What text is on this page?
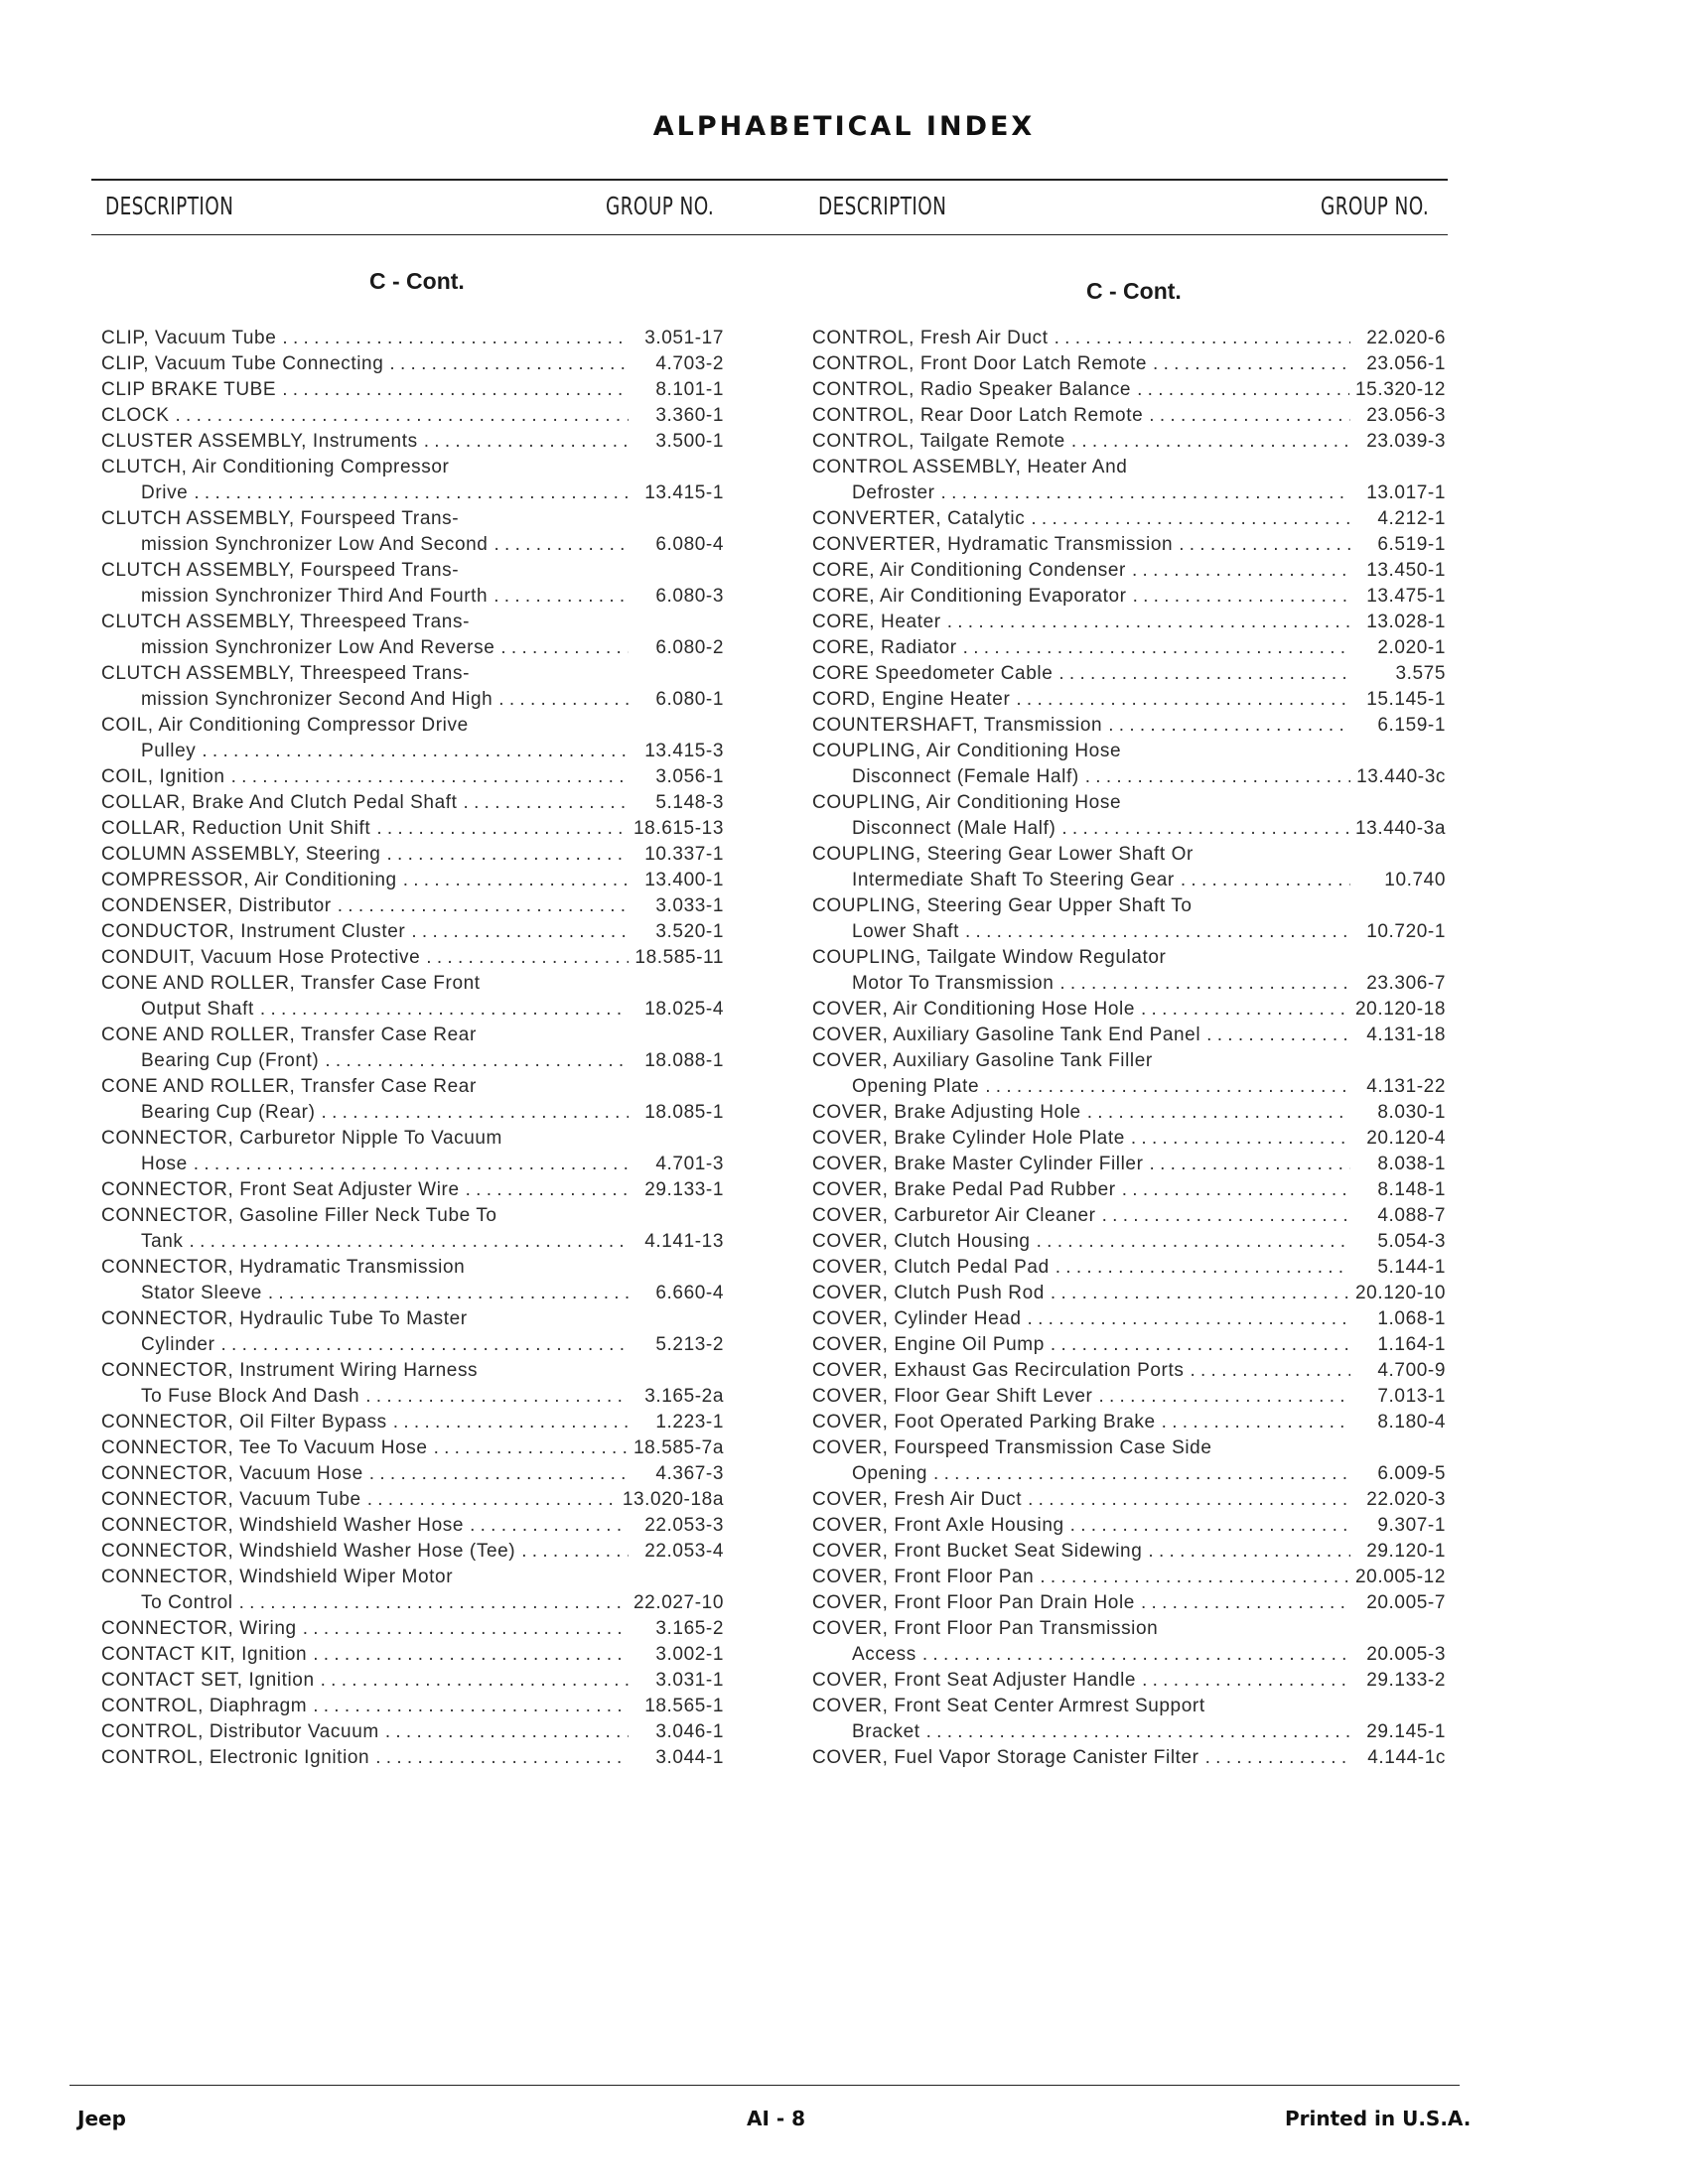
ALPHABETICAL INDEX
DESCRIPTION	GROUP NO.	DESCRIPTION	GROUP NO.
C - Cont.	C - Cont.
CLIP, Vacuum Tube . . .	3.051-17
CLIP, Vacuum Tube Connecting . . .	4.703-2
CLIP BRAKE TUBE . . .	8.101-1
CLOCK . . .	3.360-1
CLUSTER ASSEMBLY, Instruments . . .	3.500-1
CLUTCH, Air Conditioning Compressor
Drive . . .	13.415-1
CLUTCH ASSEMBLY, Fourspeed Trans-
mission Synchronizer Low And Second . . .	6.080-4
CLUTCH ASSEMBLY, Fourspeed Trans-
mission Synchronizer Third And Fourth . . .	6.080-3
CLUTCH ASSEMBLY, Threespeed Trans-
mission Synchronizer Low And Reverse . . .	6.080-2
CLUTCH ASSEMBLY, Threespeed Trans-
mission Synchronizer Second And High . . .	6.080-1
COIL, Air Conditioning Compressor Drive
Pulley . . .	13.415-3
COIL, Ignition . . .	3.056-1
COLLAR, Brake And Clutch Pedal Shaft . . .	5.148-3
COLLAR, Reduction Unit Shift . . .	18.615-13
COLUMN ASSEMBLY, Steering . . .	10.337-1
COMPRESSOR, Air Conditioning . . .	13.400-1
CONDENSER, Distributor . . .	3.033-1
CONDUCTOR, Instrument Cluster . . .	3.520-1
CONDUIT, Vacuum Hose Protective . . .	18.585-11
CONE AND ROLLER, Transfer Case Front
Output Shaft . . .	18.025-4
CONE AND ROLLER, Transfer Case Rear
Bearing Cup (Front) . . .	18.088-1
CONE AND ROLLER, Transfer Case Rear
Bearing Cup (Rear) . . .	18.085-1
CONNECTOR, Carburetor Nipple To Vacuum
Hose . . .	4.701-3
CONNECTOR, Front Seat Adjuster Wire . . .	29.133-1
CONNECTOR, Gasoline Filler Neck Tube To
Tank . . .	4.141-13
CONNECTOR, Hydramatic Transmission
Stator Sleeve . . .	6.660-4
CONNECTOR, Hydraulic Tube To Master
Cylinder . . .	5.213-2
CONNECTOR, Instrument Wiring Harness
To Fuse Block And Dash . . .	3.165-2a
CONNECTOR, Oil Filter Bypass . . .	1.223-1
CONNECTOR, Tee To Vacuum Hose . . .	18.585-7a
CONNECTOR, Vacuum Hose . . .	4.367-3
CONNECTOR, Vacuum Tube . . .	13.020-18a
CONNECTOR, Windshield Washer Hose . . .	22.053-3
CONNECTOR, Windshield Washer Hose (Tee) . . .	22.053-4
CONNECTOR, Windshield Wiper Motor
To Control . . .	22.027-10
CONNECTOR, Wiring . . .	3.165-2
CONTACT KIT, Ignition . . .	3.002-1
CONTACT SET, Ignition . . .	3.031-1
CONTROL, Diaphragm . . .	18.565-1
CONTROL, Distributor Vacuum . . .	3.046-1
CONTROL, Electronic Ignition . . .	3.044-1
CONTROL, Fresh Air Duct . . .	22.020-6
CONTROL, Front Door Latch Remote . . .	23.056-1
CONTROL, Radio Speaker Balance . . .	15.320-12
CONTROL, Rear Door Latch Remote . . .	23.056-3
CONTROL, Tailgate Remote . . .	23.039-3
CONTROL ASSEMBLY, Heater And
Defroster . . .	13.017-1
CONVERTER, Catalytic . . .	4.212-1
CONVERTER, Hydramatic Transmission . . .	6.519-1
CORE, Air Conditioning Condenser . . .	13.450-1
CORE, Air Conditioning Evaporator . . .	13.475-1
CORE, Heater . . .	13.028-1
CORE, Radiator . . .	2.020-1
CORE Speedometer Cable . . .	3.575
CORD, Engine Heater . . .	15.145-1
COUNTERSHAFT, Transmission . . .	6.159-1
COUPLING, Air Conditioning Hose
Disconnect (Female Half) . . .	13.440-3c
COUPLING, Air Conditioning Hose
Disconnect (Male Half) . . .	13.440-3a
COUPLING, Steering Gear Lower Shaft Or
Intermediate Shaft To Steering Gear . . .	10.740
COUPLING, Steering Gear Upper Shaft To
Lower Shaft . . .	10.720-1
COUPLING, Tailgate Window Regulator
Motor To Transmission . . .	23.306-7
COVER, Air Conditioning Hose Hole . . .	20.120-18
COVER, Auxiliary Gasoline Tank End Panel . . .	4.131-18
COVER, Auxiliary Gasoline Tank Filler
Opening Plate . . .	4.131-22
COVER, Brake Adjusting Hole . . .	8.030-1
COVER, Brake Cylinder Hole Plate . . .	20.120-4
COVER, Brake Master Cylinder Filler . . .	8.038-1
COVER, Brake Pedal Pad Rubber . . .	8.148-1
COVER, Carburetor Air Cleaner . . .	4.088-7
COVER, Clutch Housing . . .	5.054-3
COVER, Clutch Pedal Pad . . .	5.144-1
COVER, Clutch Push Rod . . .	20.120-10
COVER, Cylinder Head . . .	1.068-1
COVER, Engine Oil Pump . . .	1.164-1
COVER, Exhaust Gas Recirculation Ports . . .	4.700-9
COVER, Floor Gear Shift Lever . . .	7.013-1
COVER, Foot Operated Parking Brake . . .	8.180-4
COVER, Fourspeed Transmission Case Side
Opening . . .	6.009-5
COVER, Fresh Air Duct . . .	22.020-3
COVER, Front Axle Housing . . .	9.307-1
COVER, Front Bucket Seat Sidewing . . .	29.120-1
COVER, Front Floor Pan . . .	20.005-12
COVER, Front Floor Pan Drain Hole . . .	20.005-7
COVER, Front Floor Pan Transmission
Access . . .	20.005-3
COVER, Front Seat Adjuster Handle . . .	29.133-2
COVER, Front Seat Center Armrest Support
Bracket . . .	29.145-1
COVER, Fuel Vapor Storage Canister Filter . . .	4.144-1c
Jeep	AI - 8	Printed in U.S.A.
